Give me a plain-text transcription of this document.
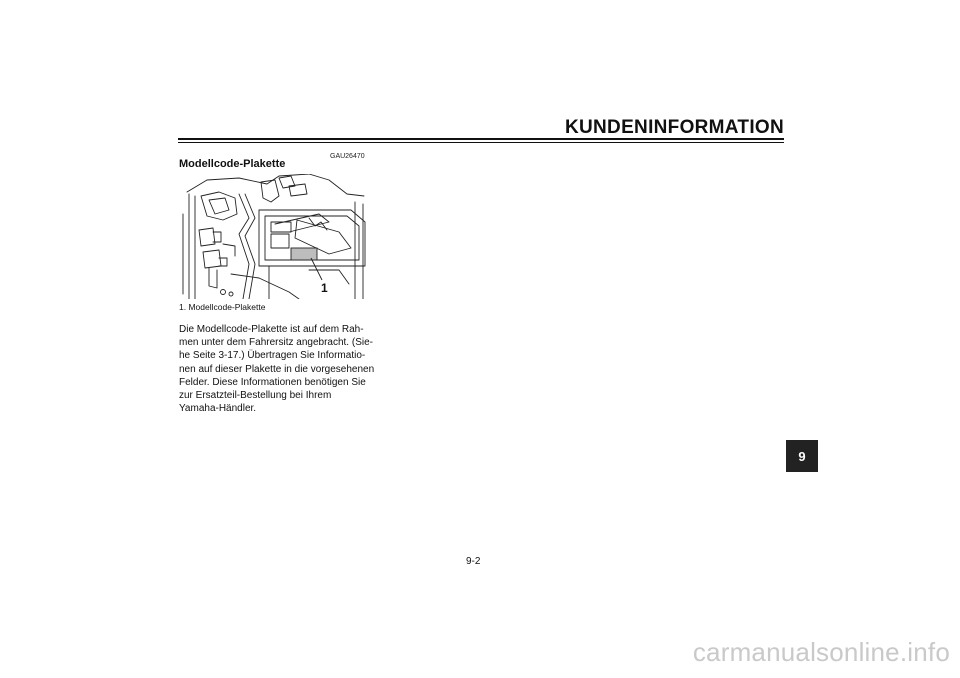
KUNDENINFORMATION
GAU26470
Modellcode-Plakette
1
1. Modellcode-Plakette
Die Modellcode-Plakette ist auf dem Rah-
men unter dem Fahrersitz angebracht. (Sie-
he Seite 3-17.) Übertragen Sie Informatio-
nen auf dieser Plakette in die vorgesehenen
Felder. Diese Informationen benötigen Sie
zur Ersatzteil-Bestellung bei Ihrem
Yamaha-Händler.
9
9-2
carmanualsonline.info
